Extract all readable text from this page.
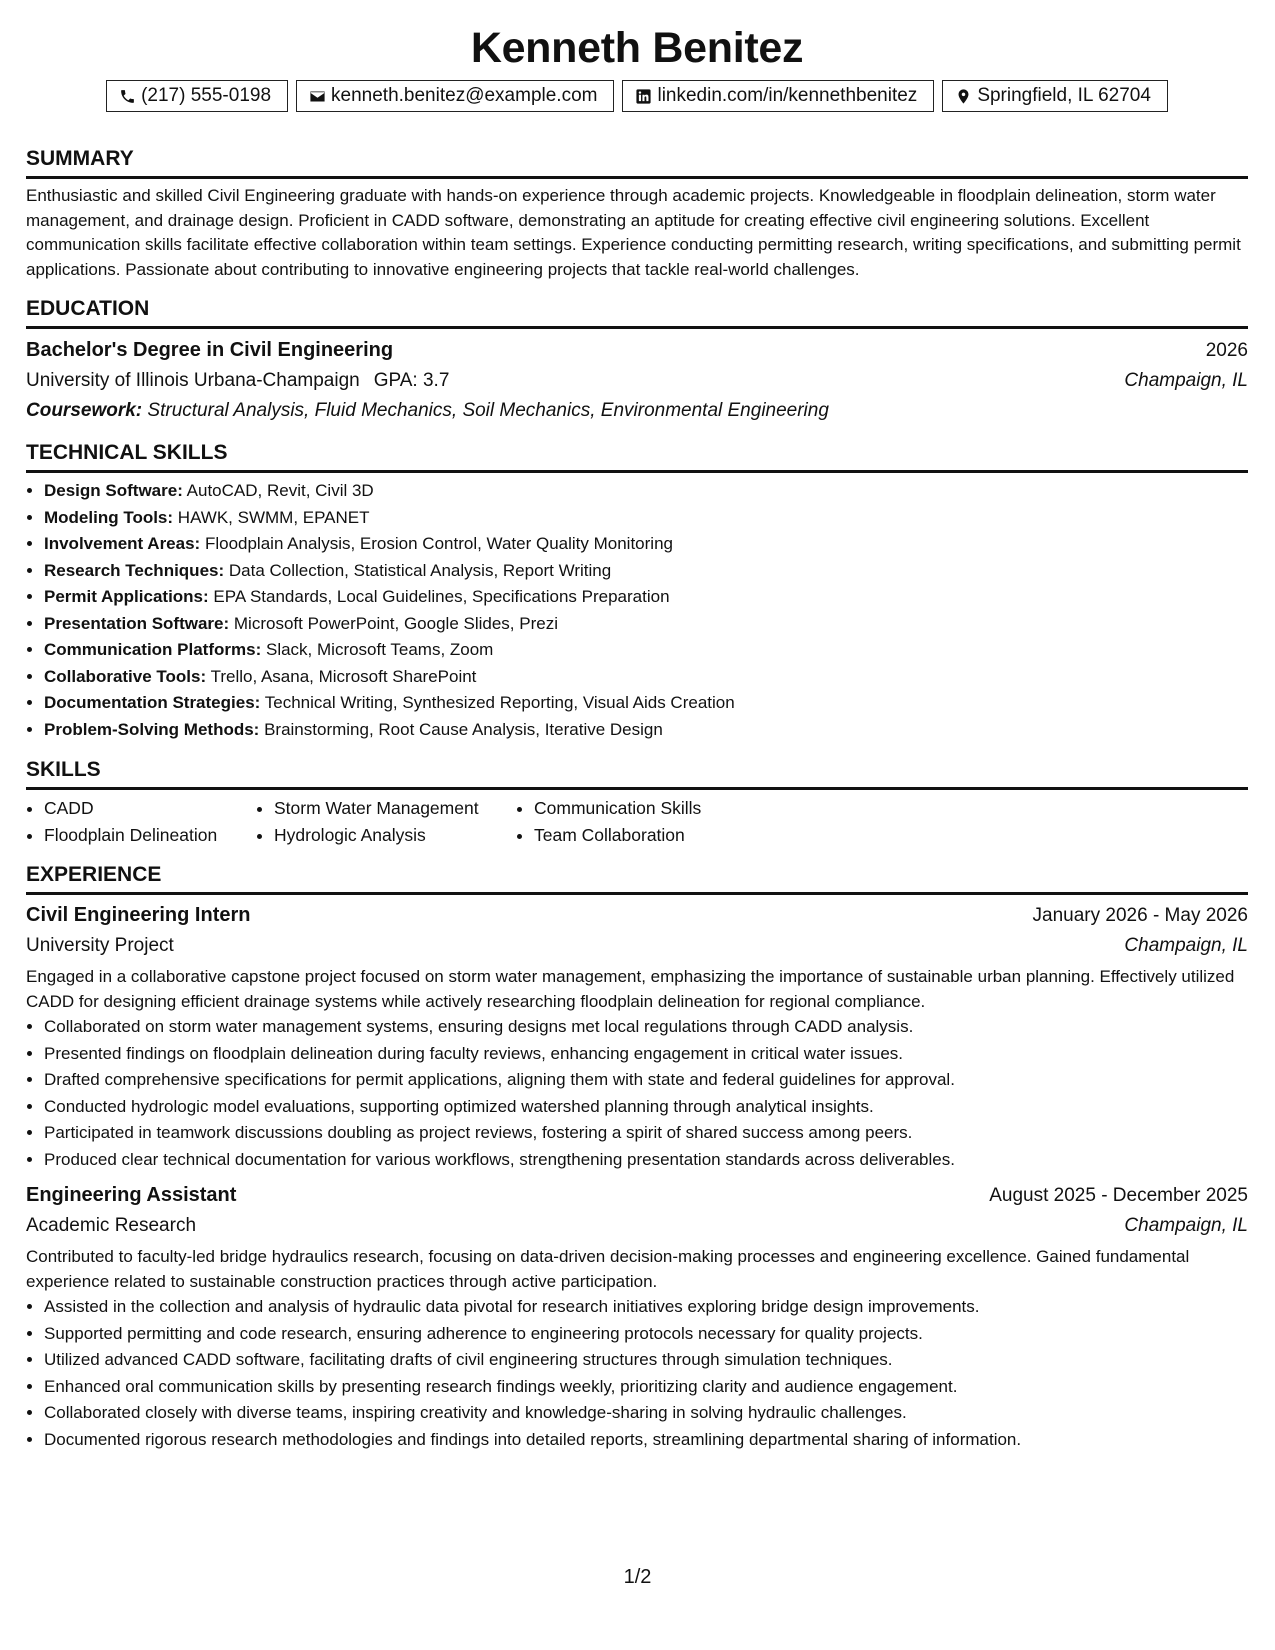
Kenneth Benitez
(217) 555-0198	kenneth.benitez@example.com	linkedin.com/in/kennethbenitez	Springfield, IL 62704
SUMMARY

Enthusiastic and skilled Civil Engineering graduate with hands-on experience through academic projects. Knowledgeable in floodplain delineation, storm water management, and drainage design. Proficient in CADD software, demonstrating an aptitude for creating effective civil engineering solutions. Excellent communication skills facilitate effective collaboration within team settings. Experience conducting permitting research, writing specifications, and submitting permit applications. Passionate about contributing to innovative engineering projects that tackle real-world challenges.

EDUCATION
Bachelor's Degree in Civil Engineering	2026
University of Illinois Urbana-Champaign GPA: 3.7	Champaign, IL
Coursework: Structural Analysis, Fluid Mechanics, Soil Mechanics, Environmental Engineering
TECHNICAL SKILLS
• Design Software: AutoCAD, Revit, Civil 3D
• Modeling Tools: HAWK, SWMM, EPANET
• Involvement Areas: Floodplain Analysis, Erosion Control, Water Quality Monitoring
• Research Techniques: Data Collection, Statistical Analysis, Report Writing
• Permit Applications: EPA Standards, Local Guidelines, Specifications Preparation
• Presentation Software: Microsoft PowerPoint, Google Slides, Prezi
• Communication Platforms: Slack, Microsoft Teams, Zoom
• Collaborative Tools: Trello, Asana, Microsoft SharePoint
• Documentation Strategies: Technical Writing, Synthesized Reporting, Visual Aids Creation
• Problem-Solving Methods: Brainstorming, Root Cause Analysis, Iterative Design
SKILLS
• CADD
• Floodplain Delineation
• Storm Water Management
• Hydrologic Analysis
• Communication Skills
• Team Collaboration
EXPERIENCE
Civil Engineering Intern	January 2026 - May 2026
University Project	Champaign, IL

Engaged in a collaborative capstone project focused on storm water management, emphasizing the importance of sustainable urban planning. Effectively utilized CADD for designing efficient drainage systems while actively researching floodplain delineation for regional compliance.

• Collaborated on storm water management systems, ensuring designs met local regulations through CADD analysis.
• Presented findings on floodplain delineation during faculty reviews, enhancing engagement in critical water issues.
• Drafted comprehensive specifications for permit applications, aligning them with state and federal guidelines for approval.
• Conducted hydrologic model evaluations, supporting optimized watershed planning through analytical insights.
• Participated in teamwork discussions doubling as project reviews, fostering a spirit of shared success among peers.
• Produced clear technical documentation for various workflows, strengthening presentation standards across deliverables.
Engineering Assistant	August 2025 - December 2025
Academic Research	Champaign, IL

Contributed to faculty-led bridge hydraulics research, focusing on data-driven decision-making processes and engineering excellence. Gained fundamental experience related to sustainable construction practices through active participation.

• Assisted in the collection and analysis of hydraulic data pivotal for research initiatives exploring bridge design improvements.
• Supported permitting and code research, ensuring adherence to engineering protocols necessary for quality projects.
• Utilized advanced CADD software, facilitating drafts of civil engineering structures through simulation techniques.
• Enhanced oral communication skills by presenting research findings weekly, prioritizing clarity and audience engagement.
• Collaborated closely with diverse teams, inspiring creativity and knowledge-sharing in solving hydraulic challenges.
• Documented rigorous research methodologies and findings into detailed reports, streamlining departmental sharing of information.
1/2
